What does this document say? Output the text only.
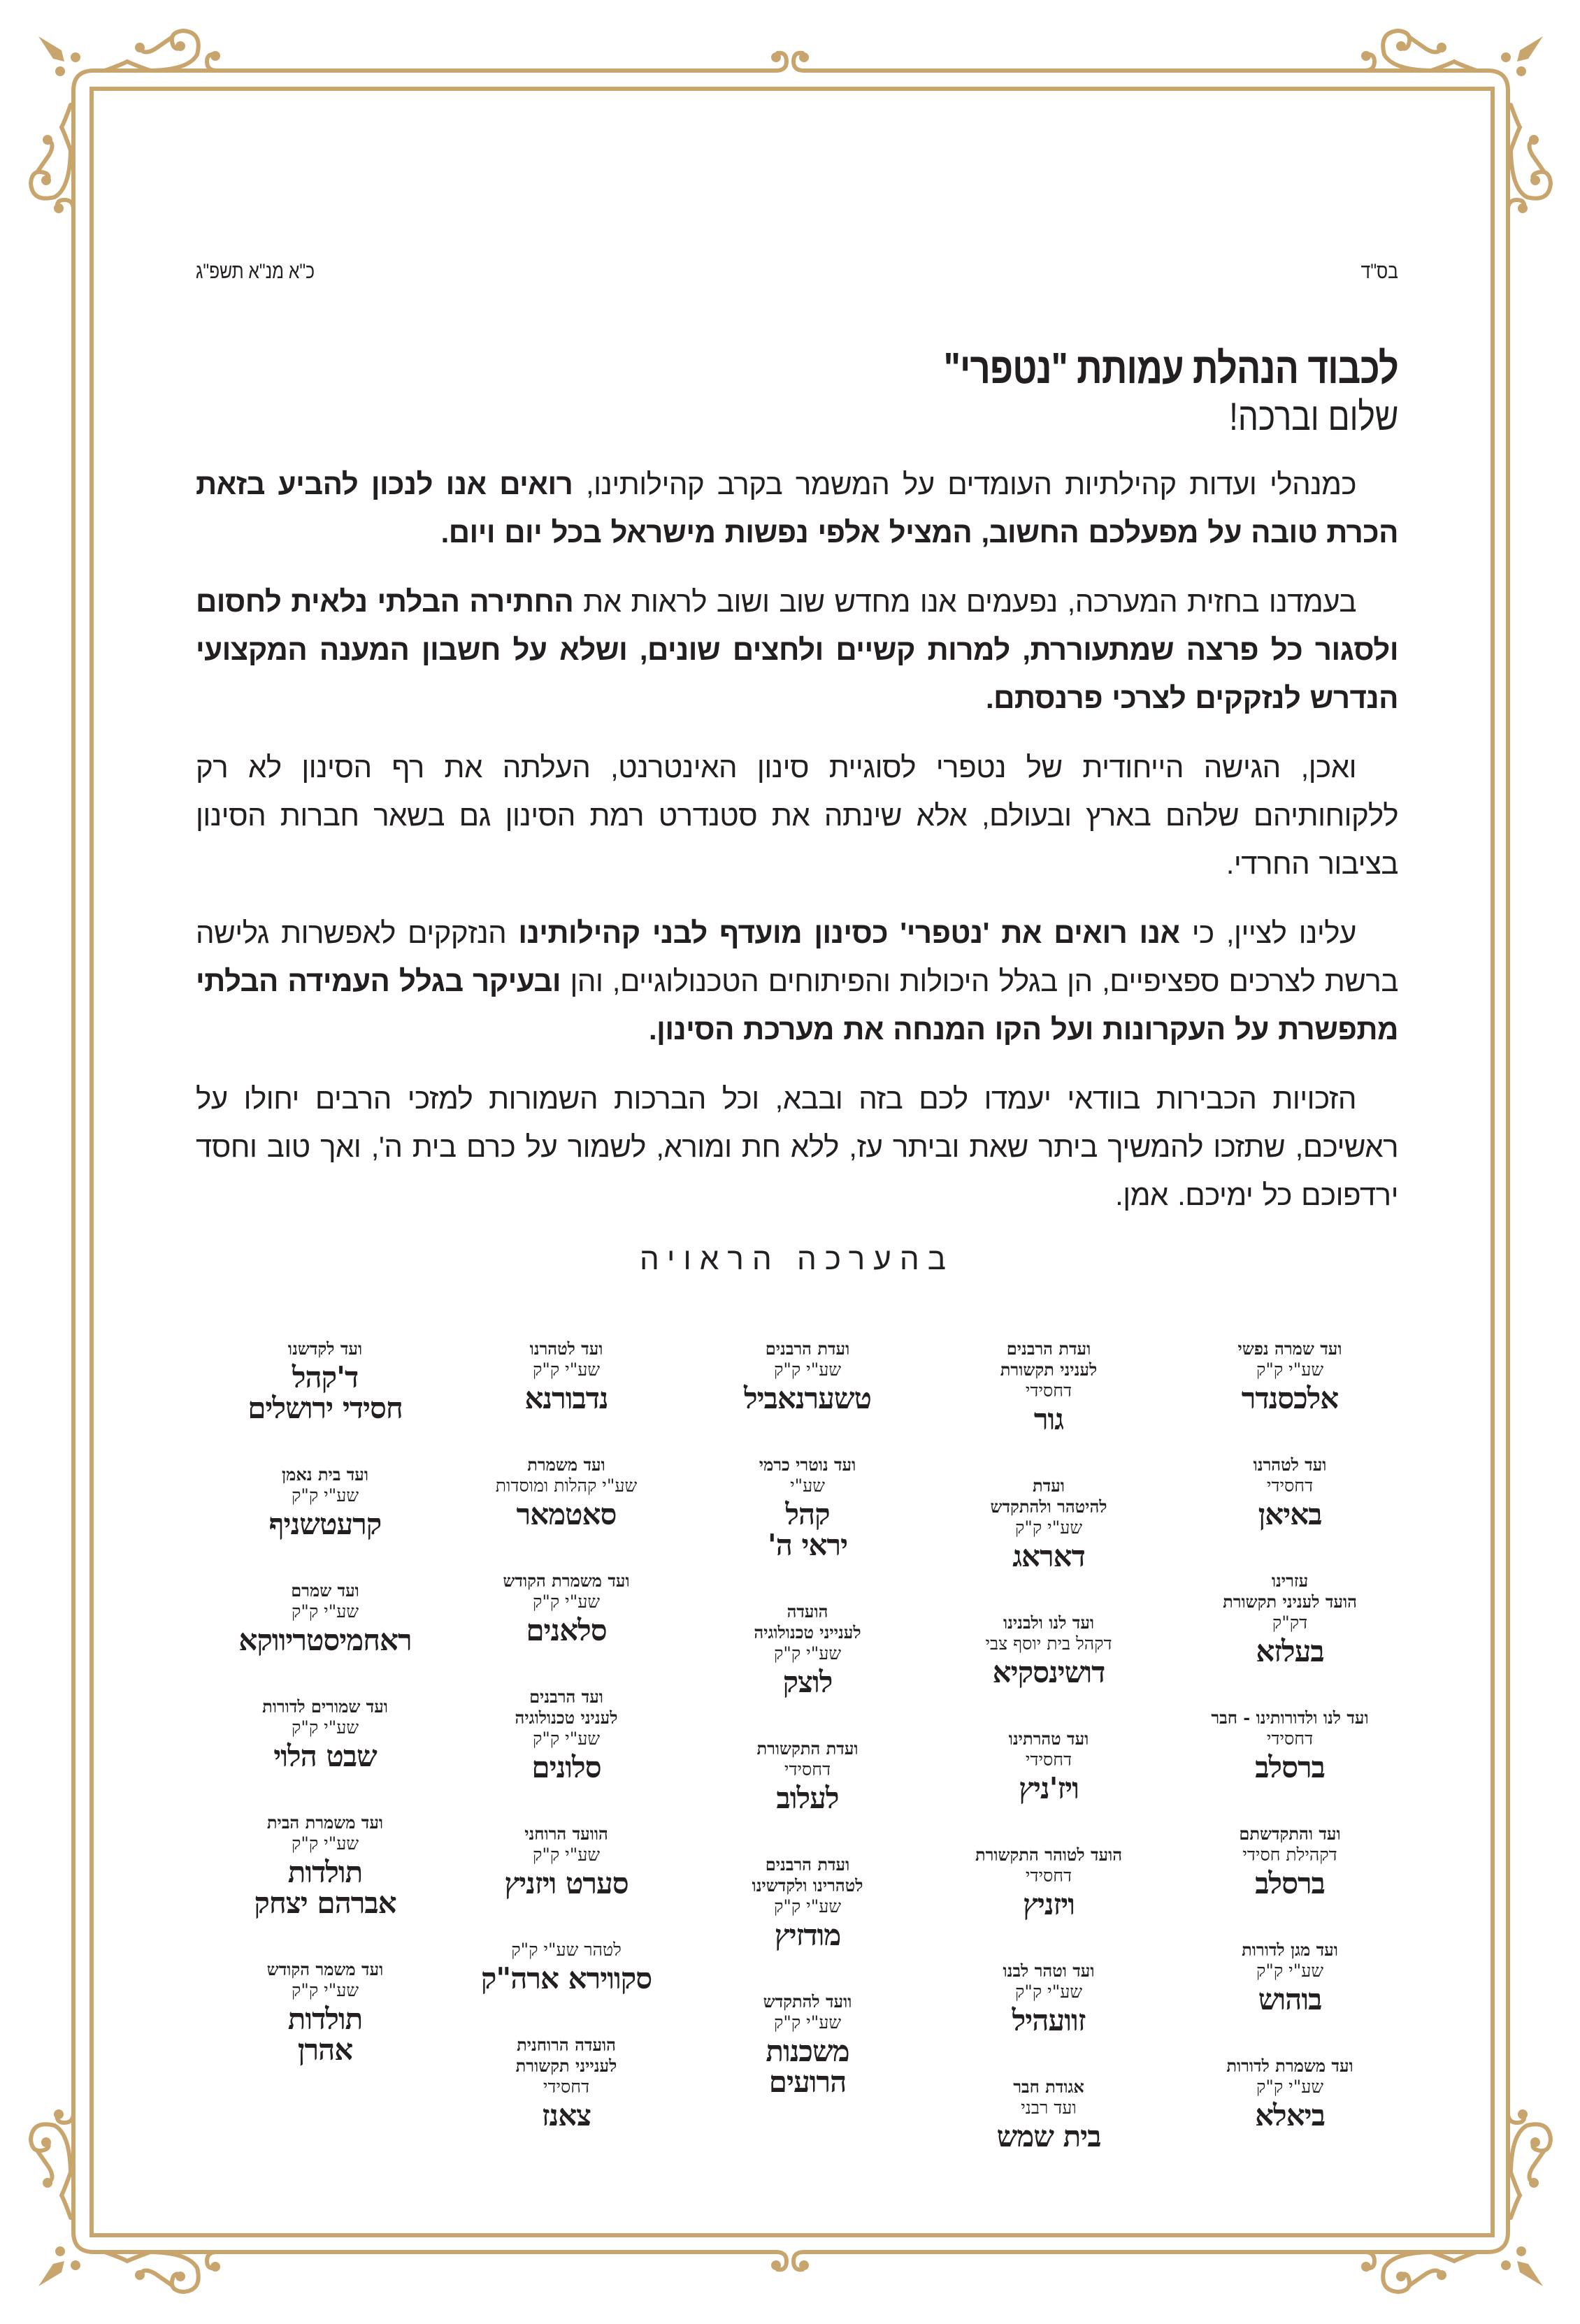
בס"ד
כ"א מנ"א תשפ"ג
לכבוד הנהלת עמותת "נטפרי"
שלום וברכה!
כמנהלי ועדות קהילתיות העומדים על המשמר בקרב קהילותינו, רואים אנו לנכון להביע בזאת הכרת טובה על מפעלכם החשוב, המציל אלפי נפשות מישראל בכל יום ויום.
בעמדנו בחזית המערכה, נפעמים אנו מחדש שוב ושוב לראות את החתירה הבלתי נלאית לחסום ולסגור כל פרצה שמתעוררת, למרות קשיים ולחצים שונים, ושלא על חשבון המענה המקצועי הנדרש לנזקקים לצרכי פרנסתם.
ואכן, הגישה הייחודית של נטפרי לסוגיית סינון האינטרנט, העלתה את רף הסינון לא רק ללקוחותיהם שלהם בארץ ובעולם, אלא שינתה את סטנדרט רמת הסינון גם בשאר חברות הסינון בציבור החרדי.
עלינו לציין, כי אנו רואים את 'נטפרי' כסינון מועדף לבני קהילותינו הנזקקים לאפשרות גלישה ברשת לצרכים ספציפיים, הן בגלל היכולות והפיתוחים הטכנולוגיים, והן ובעיקר בגלל העמידה הבלתי מתפשרת על העקרונות ועל הקו המנחה את מערכת הסינון.
הזכויות הכבירות בוודאי יעמדו לכם בזה ובבא, וכל הברכות השמורות למזכי הרבים יחולו על ראשיכם, שתזכו להמשיך ביתר שאת וביתר עז, ללא חת ומורא, לשמור על כרם בית ה', ואך טוב וחסד ירדפוכם כל ימיכם. אמן.
בהערכה הראויה
ועד שמרה נפשי
שע"י ק"ק
אלכסנדר
ועד לטהרנו
דחסידי
באיאן
עזרינו
הועד לעניני תקשורת
דק"ק
בעלזא
ועד לנו ולדורותינו - חבר
דחסידי
ברסלב
ועד והתקדשתם
דקהילת חסידי
ברסלב
ועד מגן לדורות
שע"י ק"ק
בוהוש
ועד משמרת לדורות
שע"י ק"ק
ביאלא
ועדת הרבנים
לעניני תקשורת
דחסידי
גור
ועדת
להיטהר ולהתקדש
שע"י ק"ק
דאראג
ועד לנו ולבנינו
דקהל בית יוסף צבי
דושינסקיא
ועד טהרתינו
דחסידי
ויז'ניץ
הועד לטוהר התקשורת
דחסידי
ויזניץ
ועד וטהר לבנו
שע"י ק"ק
זוועהיל
אגודת חבר
ועד רבני
בית שמש
ועדת הרבנים
שע"י ק"ק
טשערנאביל
ועד נוטרי כרמי
שע"י
קהל
יראי ה'
הועדה
לענייני טכנולוגיה
שע"י ק"ק
לוצק
ועדת התקשורת
דחסידי
לעלוב
ועדת הרבנים
לטהרינו ולקדשינו
שע"י ק"ק
מודזיץ
וועד להתקדש
שע"י ק"ק
משכנות
הרועים
ועד לטהרנו
שע"י ק"ק
נדבורנא
ועד משמרת
שע"י קהלות ומוסדות
סאטמאר
ועד משמרת הקודש
שע"י ק"ק
סלאנים
ועד הרבנים
לעניני טכנולוגיה
שע"י ק"ק
סלונים
הוועד הרוחני
שע"י ק"ק
סערט ויזניץ
לטהר שע"י ק"ק
סקווירא ארה"ק
הועדה הרוחנית
לענייני תקשורת
דחסידי
צאנז
ועד לקדשנו
ד'קהל
חסידי ירושלים
ועד בית נאמן
שע"י ק"ק
קרעטשניף
ועד שמרם
שע"י ק"ק
ראחמיסטריווקא
ועד שמורים לדורות
שע"י ק"ק
שבט הלוי
ועד משמרת הבית
שע"י ק"ק
תולדות
אברהם יצחק
ועד משמר הקודש
שע"י ק"ק
תולדות
אהרן
